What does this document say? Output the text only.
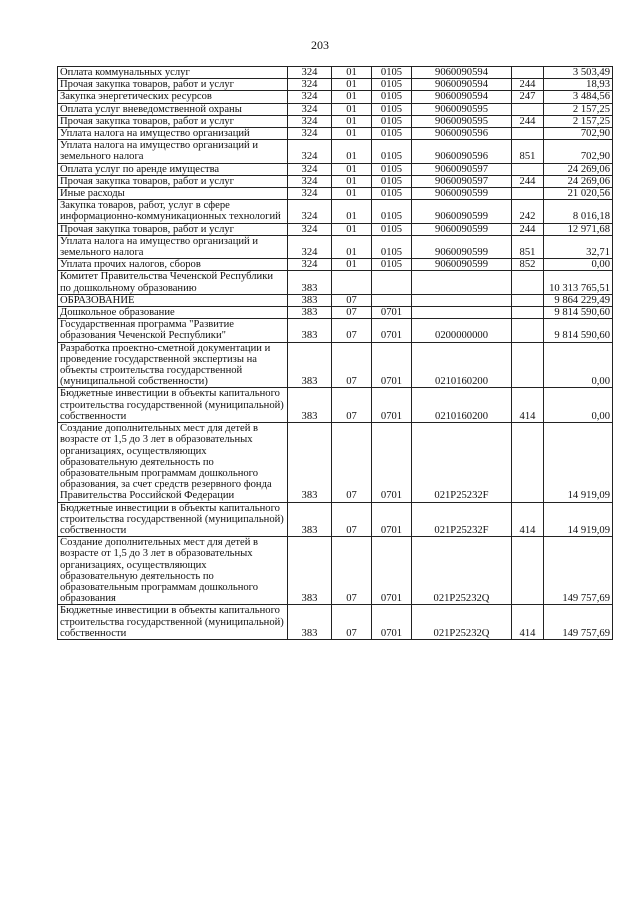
203
Оплата коммунальных услуг	324	01	0105	9060090594		3 503,49
Прочая закупка товаров, работ и услуг	324	01	0105	9060090594	244	18,93
Закупка энергетических ресурсов	324	01	0105	9060090594	247	3 484,56
Оплата услуг вневедомственной охраны	324	01	0105	9060090595		2 157,25
Прочая закупка товаров, работ и услуг	324	01	0105	9060090595	244	2 157,25
Уплата налога на имущество организаций	324	01	0105	9060090596		702,90
Уплата налога на имущество организаций и земельного налога	324	01	0105	9060090596	851	702,90
Оплата услуг по аренде имущества	324	01	0105	9060090597		24 269,06
Прочая закупка товаров, работ и услуг	324	01	0105	9060090597	244	24 269,06
Иные расходы	324	01	0105	9060090599		21 020,56
Закупка товаров, работ, услуг в сфере информационно-коммуникационных технологий	324	01	0105	9060090599	242	8 016,18
Прочая закупка товаров, работ и услуг	324	01	0105	9060090599	244	12 971,68
Уплата налога на имущество организаций и земельного налога	324	01	0105	9060090599	851	32,71
Уплата прочих налогов, сборов	324	01	0105	9060090599	852	0,00
Комитет Правительства Чеченской Республики по дошкольному образованию	383					10 313 765,51
ОБРАЗОВАНИЕ	383	07				9 864 229,49
Дошкольное образование	383	07	0701			9 814 590,60
Государственная программа "Развитие образования Чеченской Республики"	383	07	0701	0200000000		9 814 590,60
Разработка проектно-сметной документации и проведение государственной экспертизы на объекты строительства государственной (муниципальной собственности)	383	07	0701	0210160200		0,00
Бюджетные инвестиции в объекты капитального строительства государственной (муниципальной) собственности	383	07	0701	0210160200	414	0,00
Создание дополнительных мест для детей в возрасте от 1,5 до 3 лет в образовательных организациях, осуществляющих образовательную деятельность по образовательным программам дошкольного образования, за счет средств резервного фонда Правительства Российской Федерации	383	07	0701	021P25232F		14 919,09
Бюджетные инвестиции в объекты капитального строительства государственной (муниципальной) собственности	383	07	0701	021P25232F	414	14 919,09
Создание дополнительных мест для детей в возрасте от 1,5 до 3 лет в образовательных организациях, осуществляющих образовательную деятельность по образовательным программам дошкольного образования	383	07	0701	021P25232Q		149 757,69
Бюджетные инвестиции в объекты капитального строительства государственной (муниципальной) собственности	383	07	0701	021P25232Q	414	149 757,69
